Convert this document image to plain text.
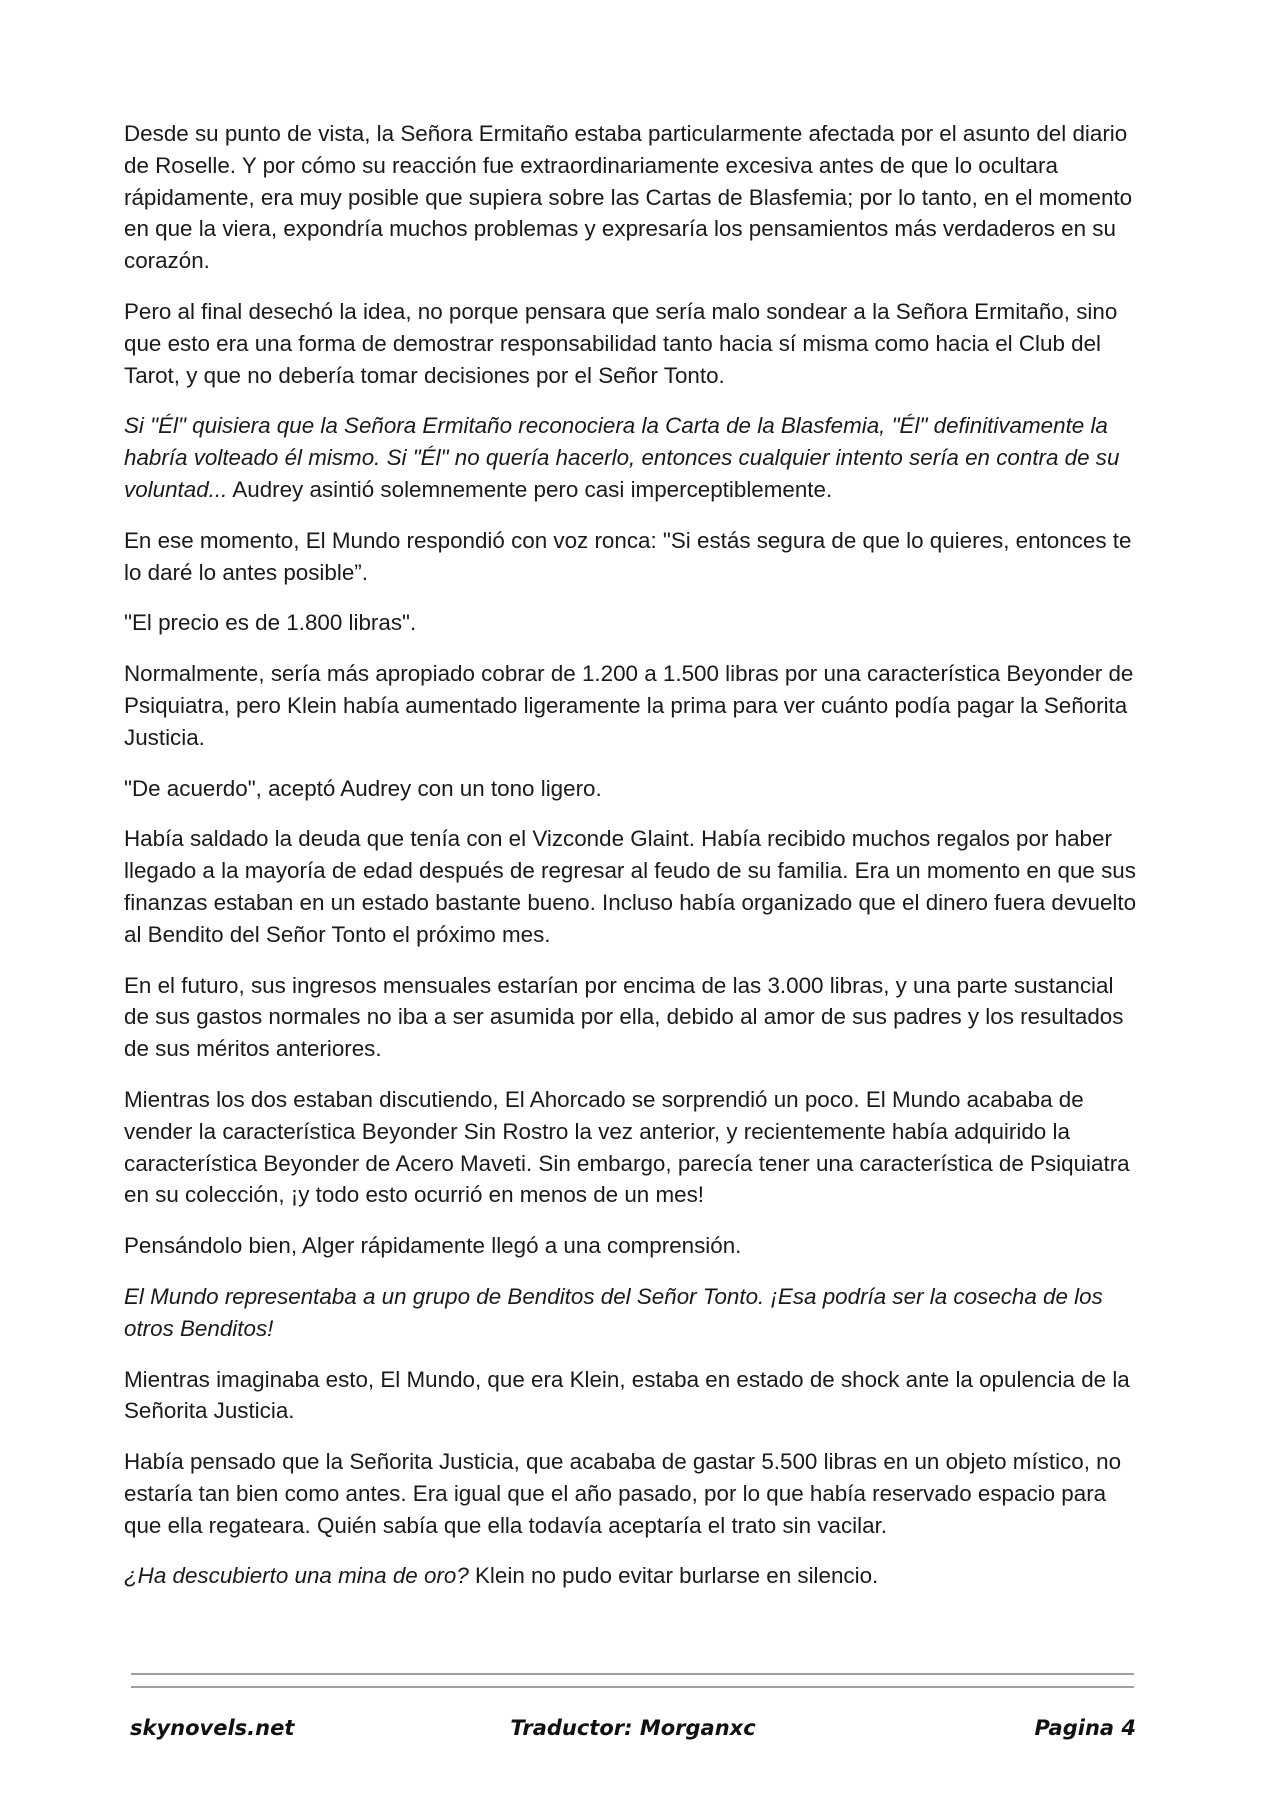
Desde su punto de vista, la Señora Ermitaño estaba particularmente afectada por el asunto del diario de Roselle. Y por cómo su reacción fue extraordinariamente excesiva antes de que lo ocultara rápidamente, era muy posible que supiera sobre las Cartas de Blasfemia; por lo tanto, en el momento en que la viera, expondría muchos problemas y expresaría los pensamientos más verdaderos en su corazón.

Pero al final desechó la idea, no porque pensara que sería malo sondear a la Señora Ermitaño, sino que esto era una forma de demostrar responsabilidad tanto hacia sí misma como hacia el Club del Tarot, y que no debería tomar decisiones por el Señor Tonto.

Si "Él" quisiera que la Señora Ermitaño reconociera la Carta de la Blasfemia, "Él" definitivamente la habría volteado él mismo. Si "Él" no quería hacerlo, entonces cualquier intento sería en contra de su voluntad... Audrey asintió solemnemente pero casi imperceptiblemente.

En ese momento, El Mundo respondió con voz ronca: "Si estás segura de que lo quieres, entonces te lo daré lo antes posible”.

"El precio es de 1.800 libras".

Normalmente, sería más apropiado cobrar de 1.200 a 1.500 libras por una característica Beyonder de Psiquiatra, pero Klein había aumentado ligeramente la prima para ver cuánto podía pagar la Señorita Justicia.

"De acuerdo", aceptó Audrey con un tono ligero.

Había saldado la deuda que tenía con el Vizconde Glaint. Había recibido muchos regalos por haber llegado a la mayoría de edad después de regresar al feudo de su familia. Era un momento en que sus finanzas estaban en un estado bastante bueno. Incluso había organizado que el dinero fuera devuelto al Bendito del Señor Tonto el próximo mes.

En el futuro, sus ingresos mensuales estarían por encima de las 3.000 libras, y una parte sustancial de sus gastos normales no iba a ser asumida por ella, debido al amor de sus padres y los resultados de sus méritos anteriores.

Mientras los dos estaban discutiendo, El Ahorcado se sorprendió un poco. El Mundo acababa de vender la característica Beyonder Sin Rostro la vez anterior, y recientemente había adquirido la característica Beyonder de Acero Maveti. Sin embargo, parecía tener una característica de Psiquiatra en su colección, ¡y todo esto ocurrió en menos de un mes!

Pensándolo bien, Alger rápidamente llegó a una comprensión.

El Mundo representaba a un grupo de Benditos del Señor Tonto. ¡Esa podría ser la cosecha de los otros Benditos!

Mientras imaginaba esto, El Mundo, que era Klein, estaba en estado de shock ante la opulencia de la Señorita Justicia.

Había pensado que la Señorita Justicia, que acababa de gastar 5.500 libras en un objeto místico, no estaría tan bien como antes. Era igual que el año pasado, por lo que había reservado espacio para que ella regateara. Quién sabía que ella todavía aceptaría el trato sin vacilar.

¿Ha descubierto una mina de oro? Klein no pudo evitar burlarse en silencio.

skynovels.net	Traductor: Morganxc	Pagina 4
